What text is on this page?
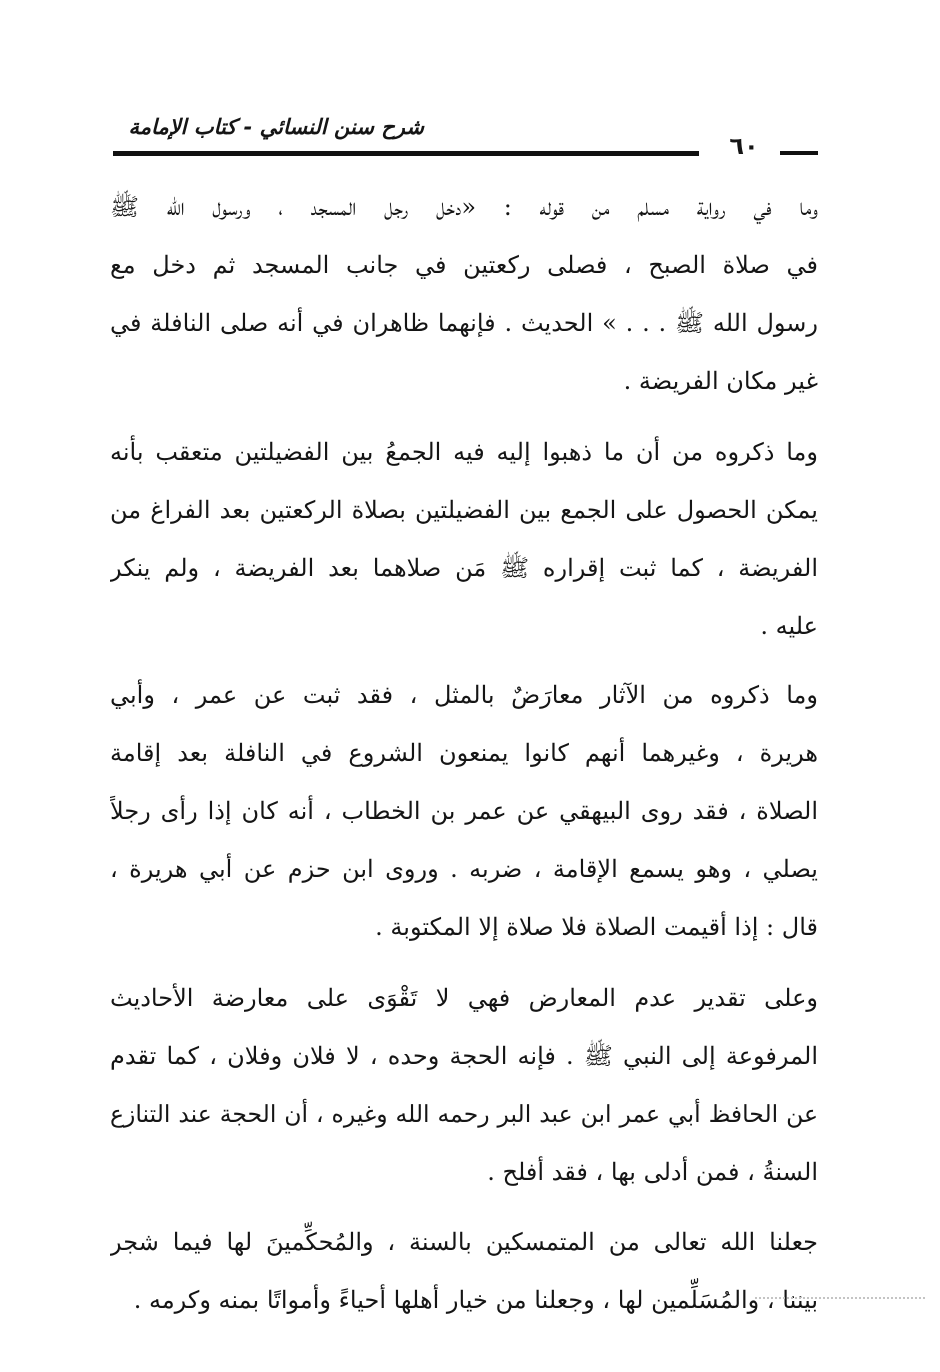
شرح سنن النسائي - كتاب الإمامة
٦٠
وما في رواية مسلم من قوله : «دخل رجل المسجد ، ورسول الله ﷺ
في صلاة الصبح ، فصلى ركعتين في جانب المسجد ثم دخل مع
رسول الله ﷺ . . . » الحديث . فإنهما ظاهران في أنه صلى النافلة في
غير مكان الفريضة .
وما ذكروه من أن ما ذهبوا إليه فيه الجمعُ بين الفضيلتين متعقب بأنه
يمكن الحصول على الجمع بين الفضيلتين بصلاة الركعتين بعد الفراغ من
الفريضة ، كما ثبت إقراره ﷺ مَن صلاهما بعد الفريضة ، ولم ينكر
عليه .
وما ذكروه من الآثار معارَضٌ بالمثل ، فقد ثبت عن عمر ، وأبي
هريرة ، وغيرهما أنهم كانوا يمنعون الشروع في النافلة بعد إقامة
الصلاة ، فقد روى البيهقي عن عمر بن الخطاب ، أنه كان إذا رأى رجلاً
يصلي ، وهو يسمع الإقامة ، ضربه . وروى ابن حزم عن أبي هريرة ،
قال : إذا أقيمت الصلاة فلا صلاة إلا المكتوبة .
وعلى تقدير عدم المعارض فهي لا تَقْوَى على معارضة الأحاديث
المرفوعة إلى النبي ﷺ . فإنه الحجة وحده ، لا فلان وفلان ، كما تقدم
عن الحافظ أبي عمر ابن عبد البر رحمه الله وغيره ، أن الحجة عند التنازع
السنةُ ، فمن أدلى بها ، فقد أفلح .
جعلنا الله تعالى من المتمسكين بالسنة ، والمُحكِّمينَ لها فيما شجر
بيننا ، والمُسَلِّمين لها ، وجعلنا من خيار أهلها أحياءً وأمواتًا بمنه وكرمه .
